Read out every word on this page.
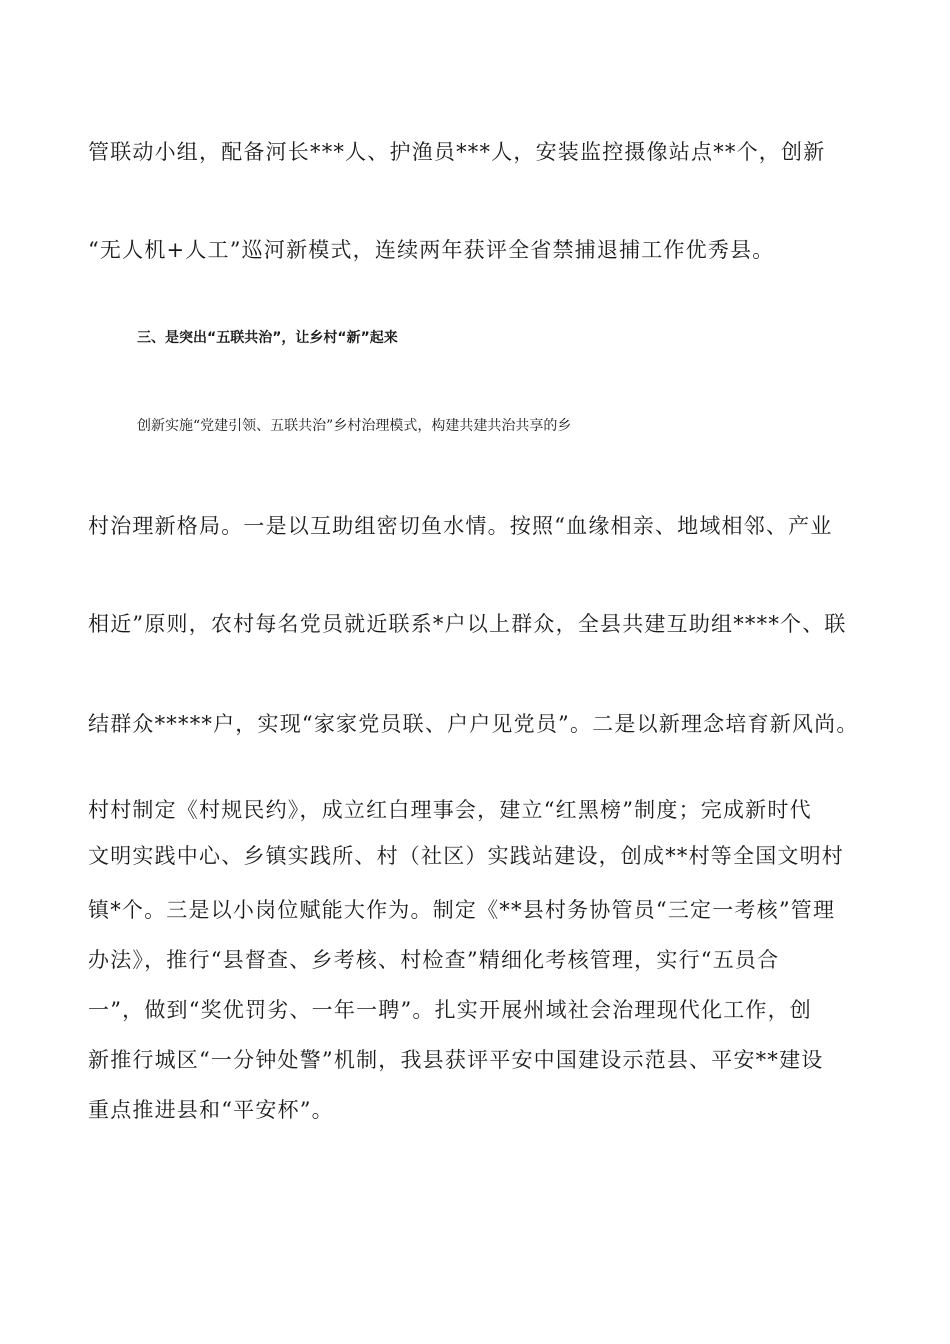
管联动小组，配备河长***人、护渔员***人，安装监控摄像站点**个，创新
“无人机+人工”巡河新模式，连续两年获评全省禁捕退捕工作优秀县。
三、是突出“五联共治”，让乡村“新”起来
创新实施“党建引领、五联共治”乡村治理模式，构建共建共治共享的乡
村治理新格局。一是以互助组密切鱼水情。按照“血缘相亲、地域相邻、产业
相近”原则，农村每名党员就近联系*户以上群众，全县共建互助组****个、联
结群众*****户，实现“家家党员联、户户见党员”。二是以新理念培育新风尚。
村村制定《村规民约》，成立红白理事会，建立“红黑榜”制度；完成新时代
文明实践中心、乡镇实践所、村（社区）实践站建设，创成**村等全国文明村
镇*个。三是以小岗位赋能大作为。制定《**县村务协管员“三定一考核”管理
办法》，推行“县督查、乡考核、村检查”精细化考核管理，实行“五员合
一”，做到“奖优罚劣、一年一聘”。扎实开展州域社会治理现代化工作，创
新推行城区“一分钟处警”机制，我县获评平安中国建设示范县、平安**建设
重点推进县和“平安杯”。
